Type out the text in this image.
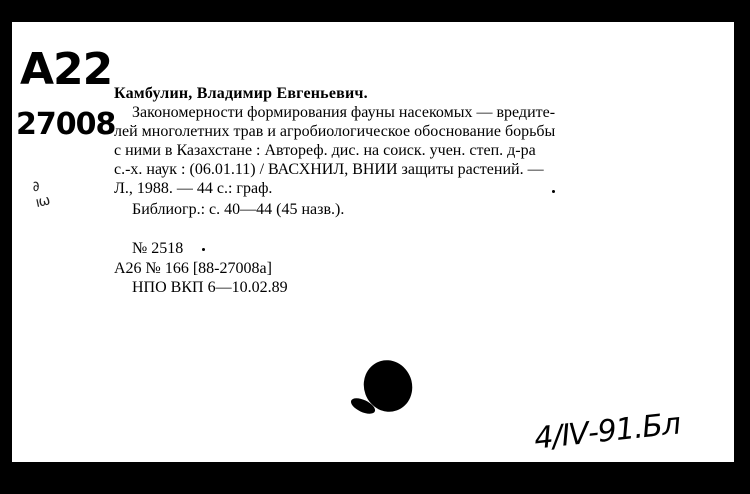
A22
27008
∂
ıω
Камбулин, Владимир Евгеньевич.
Закономерности формирования фауны насекомых — вредите-
лей многолетних трав и агробиологическое обоснование борьбы
с ними в Казахстане : Автореф. дис. на соиск. учен. степ. д-ра
с.-х. наук : (06.01.11) / ВАСХНИЛ, ВНИИ защиты растений. —
Л., 1988. — 44 с.: граф.
Библиогр.: с. 40—44 (45 назв.).
№ 2518
А26 № 166 [88-27008а]
НПО ВКП 6—10.02.89
4/Ⅳ-91.Бл
